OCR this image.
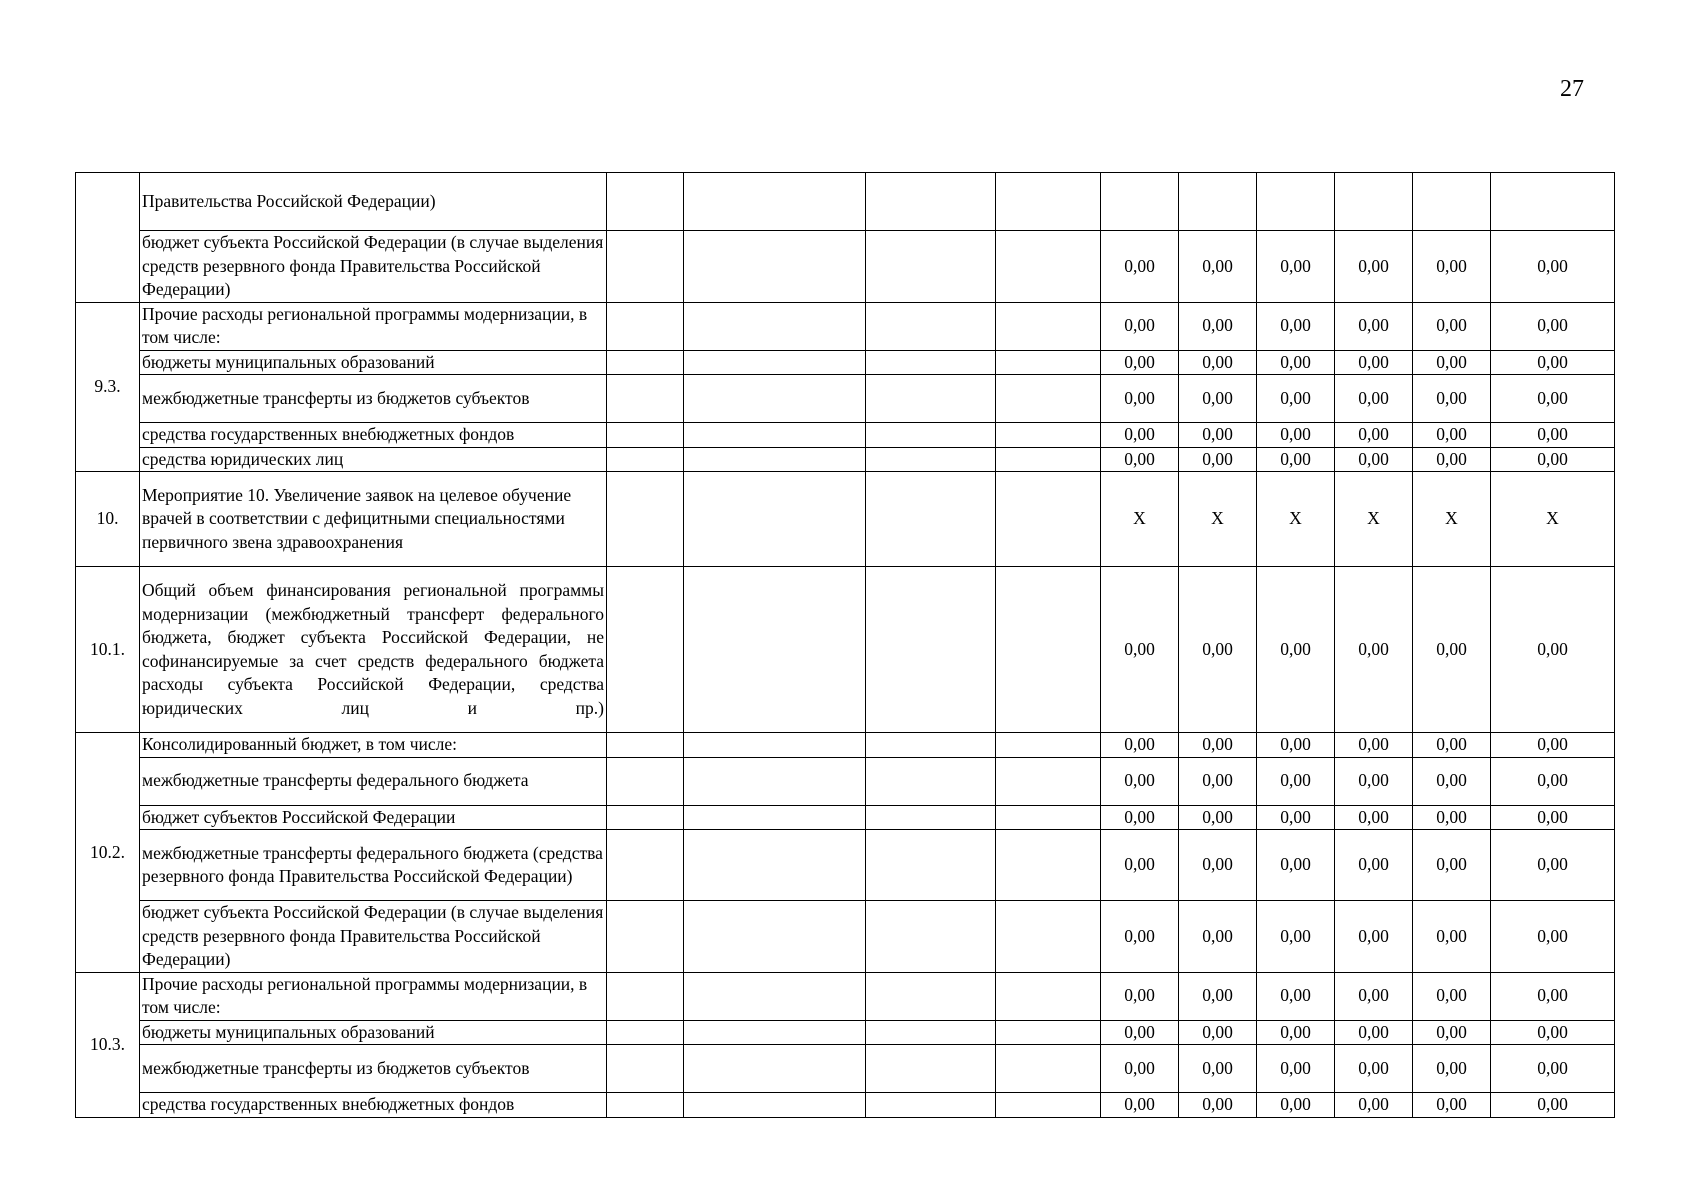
27
	Правительства Российской Федерации)										
	бюджет субъекта Российской Федерации (в случае выделения средств резервного фонда Правительства Российской Федерации)					0,00	0,00	0,00	0,00	0,00	0,00
9.3.	Прочие расходы региональной программы модернизации, в том числе:					0,00	0,00	0,00	0,00	0,00	0,00
	бюджеты муниципальных образований					0,00	0,00	0,00	0,00	0,00	0,00
	межбюджетные трансферты из бюджетов субъектов					0,00	0,00	0,00	0,00	0,00	0,00
	средства государственных внебюджетных фондов					0,00	0,00	0,00	0,00	0,00	0,00
	средства юридических лиц					0,00	0,00	0,00	0,00	0,00	0,00
10.	Мероприятие 10. Увеличение заявок на целевое обучение врачей в соответствии с дефицитными специальностями первичного звена здравоохранения					X	X	X	X	X	X
10.1.	Общий объем финансирования региональной программы модернизации (межбюджетный трансферт федерального бюджета, бюджет субъекта Российской Федерации, не софинансируемые за счет средств федерального бюджета расходы субъекта Российской Федерации, средства юридических лиц и пр.)					0,00	0,00	0,00	0,00	0,00	0,00
10.2.	Консолидированный бюджет, в том числе:					0,00	0,00	0,00	0,00	0,00	0,00
	межбюджетные трансферты федерального бюджета					0,00	0,00	0,00	0,00	0,00	0,00
	бюджет субъектов Российской Федерации					0,00	0,00	0,00	0,00	0,00	0,00
	межбюджетные трансферты федерального бюджета (средства резервного фонда Правительства Российской Федерации)					0,00	0,00	0,00	0,00	0,00	0,00
	бюджет субъекта Российской Федерации (в случае выделения средств резервного фонда Правительства Российской Федерации)					0,00	0,00	0,00	0,00	0,00	0,00
10.3.	Прочие расходы региональной программы модернизации, в том числе:					0,00	0,00	0,00	0,00	0,00	0,00
	бюджеты муниципальных образований					0,00	0,00	0,00	0,00	0,00	0,00
	межбюджетные трансферты из бюджетов субъектов					0,00	0,00	0,00	0,00	0,00	0,00
	средства государственных внебюджетных фондов					0,00	0,00	0,00	0,00	0,00	0,00
